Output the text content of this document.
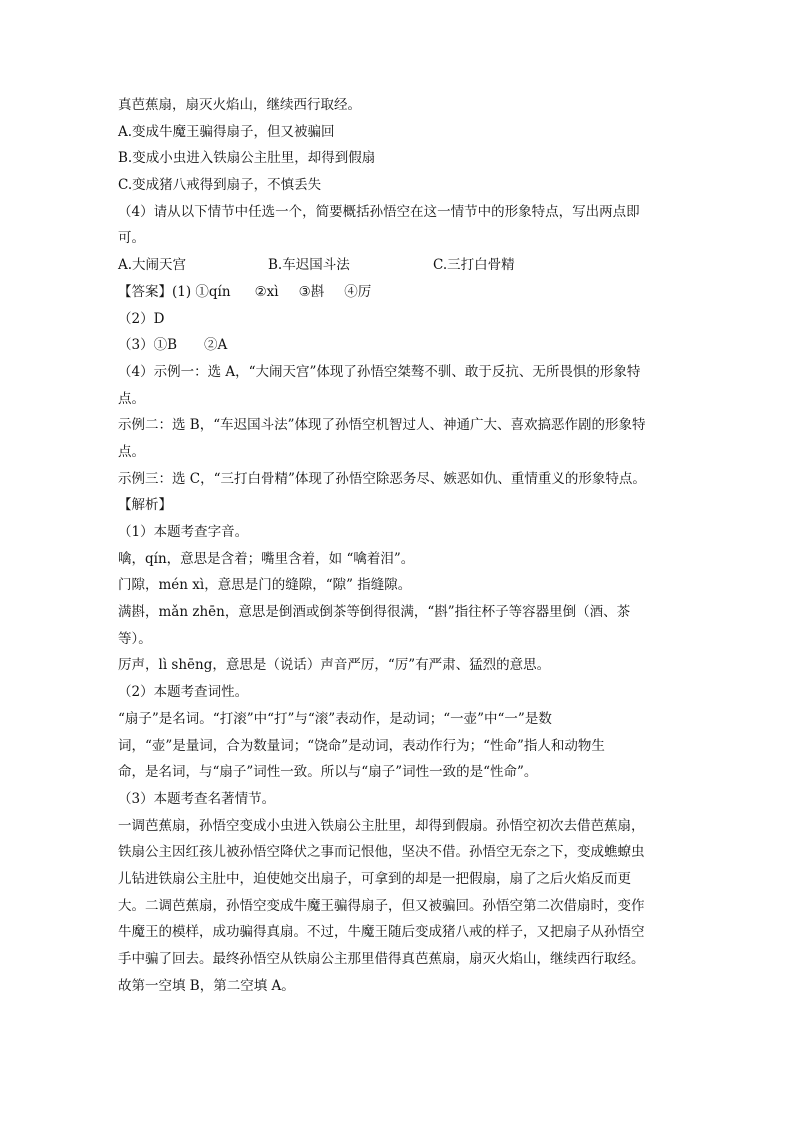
真芭蕉扇，扇灭火焰山，继续西行取经。
A.变成牛魔王骗得扇子，但又被骗回
B.变成小虫进入铁扇公主肚里，却得到假扇
C.变成猪八戒得到扇子，不慎丢失
（4）请从以下情节中任选一个，简要概括孙悟空在这一情节中的形象特点，写出两点即
可。
A.大闹天宫	B.车迟国斗法	C.三打白骨精
【答案】(1) ①qín ②xì ③斟 ④厉
（2）D
（3）①B　　②A
（4）示例一：选 A，“大闹天宫”体现了孙悟空桀骜不驯、敢于反抗、无所畏惧的形象特
点。
示例二：选 B，“车迟国斗法”体现了孙悟空机智过人、神通广大、喜欢搞恶作剧的形象特
点。
示例三：选 C，“三打白骨精”体现了孙悟空除恶务尽、嫉恶如仇、重情重义的形象特点。
【解析】
（1）本题考查字音。
噙，qín，意思是含着；嘴里含着，如 “噙着泪”。
门隙，mén xì，意思是门的缝隙，“隙” 指缝隙。
满斟，mǎn zhēn，意思是倒酒或倒茶等倒得很满，“斟”指往杯子等容器里倒（酒、茶
等）。
厉声，lì shēng，意思是（说话）声音严厉，“厉”有严肃、猛烈的意思。
（2）本题考查词性。
“扇子”是名词。“打滚”中“打”与“滚”表动作，是动词；“一壶”中“一”是数
词，“壶”是量词，合为数量词；“饶命”是动词，表动作行为；“性命”指人和动物生
命，是名词，与“扇子”词性一致。所以与“扇子”词性一致的是“性命”。
（3）本题考查名著情节。
一调芭蕉扇，孙悟空变成小虫进入铁扇公主肚里，却得到假扇。孙悟空初次去借芭蕉扇，
铁扇公主因红孩儿被孙悟空降伏之事而记恨他，坚决不借。孙悟空无奈之下，变成蟭蟟虫
儿钻进铁扇公主肚中，迫使她交出扇子，可拿到的却是一把假扇，扇了之后火焰反而更
大。二调芭蕉扇，孙悟空变成牛魔王骗得扇子，但又被骗回。孙悟空第二次借扇时，变作
牛魔王的模样，成功骗得真扇。不过，牛魔王随后变成猪八戒的样子，又把扇子从孙悟空
手中骗了回去。最终孙悟空从铁扇公主那里借得真芭蕉扇，扇灭火焰山，继续西行取经。
故第一空填 B，第二空填 A。
